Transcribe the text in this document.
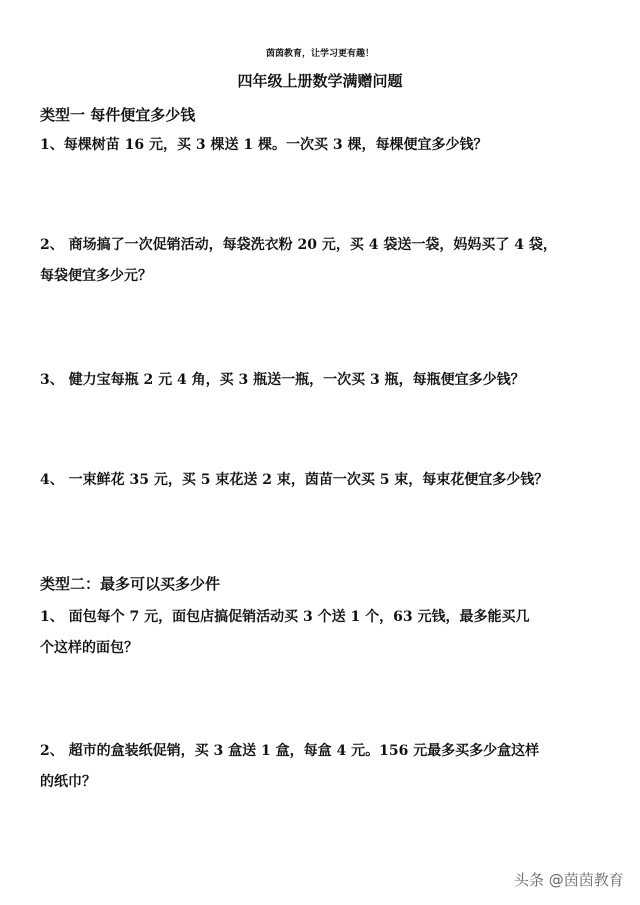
茵茵教育，让学习更有趣！
四年级上册数学满赠问题
类型一 每件便宜多少钱
1、每棵树苗 16 元，买 3 棵送 1 棵。一次买 3 棵，每棵便宜多少钱？
2、 商场搞了一次促销活动，每袋洗衣粉 20 元，买 4 袋送一袋，妈妈买了 4 袋，
每袋便宜多少元？
3、 健力宝每瓶 2 元 4 角，买 3 瓶送一瓶，一次买 3 瓶，每瓶便宜多少钱？
4、 一束鲜花 35 元，买 5 束花送 2 束，茵苗一次买 5 束，每束花便宜多少钱？
类型二：最多可以买多少件
1、 面包每个 7 元，面包店搞促销活动买 3 个送 1 个，63 元钱，最多能买几
个这样的面包？
2、 超市的盒装纸促销，买 3 盒送 1 盒，每盒 4 元。156 元最多买多少盒这样
的纸巾？
头条 @茵茵教育
